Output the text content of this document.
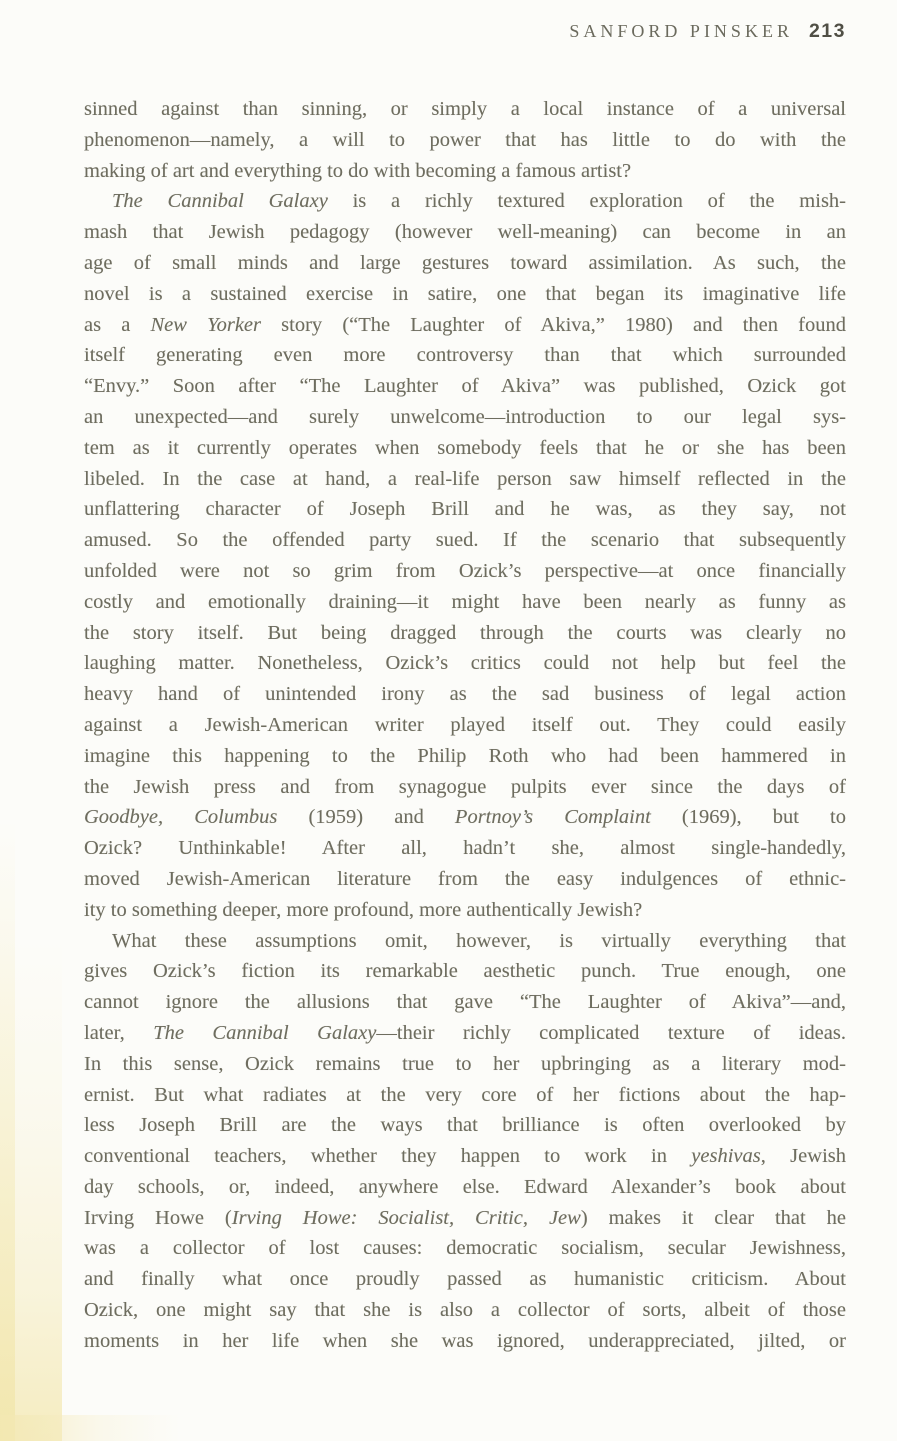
SANFORD PINSKER 213
sinned against than sinning, or simply a local instance of a universal
phenomenon—namely, a will to power that has little to do with the
making of art and everything to do with becoming a famous artist?
The Cannibal Galaxy is a richly textured exploration of the mish-
mash that Jewish pedagogy (however well-meaning) can become in an
age of small minds and large gestures toward assimilation. As such, the
novel is a sustained exercise in satire, one that began its imaginative life
as a New Yorker story (“The Laughter of Akiva,” 1980) and then found
itself generating even more controversy than that which surrounded
“Envy.” Soon after “The Laughter of Akiva” was published, Ozick got
an unexpected—and surely unwelcome—introduction to our legal sys-
tem as it currently operates when somebody feels that he or she has been
libeled. In the case at hand, a real-life person saw himself reflected in the
unflattering character of Joseph Brill and he was, as they say, not
amused. So the offended party sued. If the scenario that subsequently
unfolded were not so grim from Ozick’s perspective—at once financially
costly and emotionally draining—it might have been nearly as funny as
the story itself. But being dragged through the courts was clearly no
laughing matter. Nonetheless, Ozick’s critics could not help but feel the
heavy hand of unintended irony as the sad business of legal action
against a Jewish-American writer played itself out. They could easily
imagine this happening to the Philip Roth who had been hammered in
the Jewish press and from synagogue pulpits ever since the days of
Goodbye, Columbus (1959) and Portnoy’s Complaint (1969), but to
Ozick? Unthinkable! After all, hadn’t she, almost single-handedly,
moved Jewish-American literature from the easy indulgences of ethnic-
ity to something deeper, more profound, more authentically Jewish?
What these assumptions omit, however, is virtually everything that
gives Ozick’s fiction its remarkable aesthetic punch. True enough, one
cannot ignore the allusions that gave “The Laughter of Akiva”—and,
later, The Cannibal Galaxy—their richly complicated texture of ideas.
In this sense, Ozick remains true to her upbringing as a literary mod-
ernist. But what radiates at the very core of her fictions about the hap-
less Joseph Brill are the ways that brilliance is often overlooked by
conventional teachers, whether they happen to work in yeshivas, Jewish
day schools, or, indeed, anywhere else. Edward Alexander’s book about
Irving Howe (Irving Howe: Socialist, Critic, Jew) makes it clear that he
was a collector of lost causes: democratic socialism, secular Jewishness,
and finally what once proudly passed as humanistic criticism. About
Ozick, one might say that she is also a collector of sorts, albeit of those
moments in her life when she was ignored, underappreciated, jilted, or
